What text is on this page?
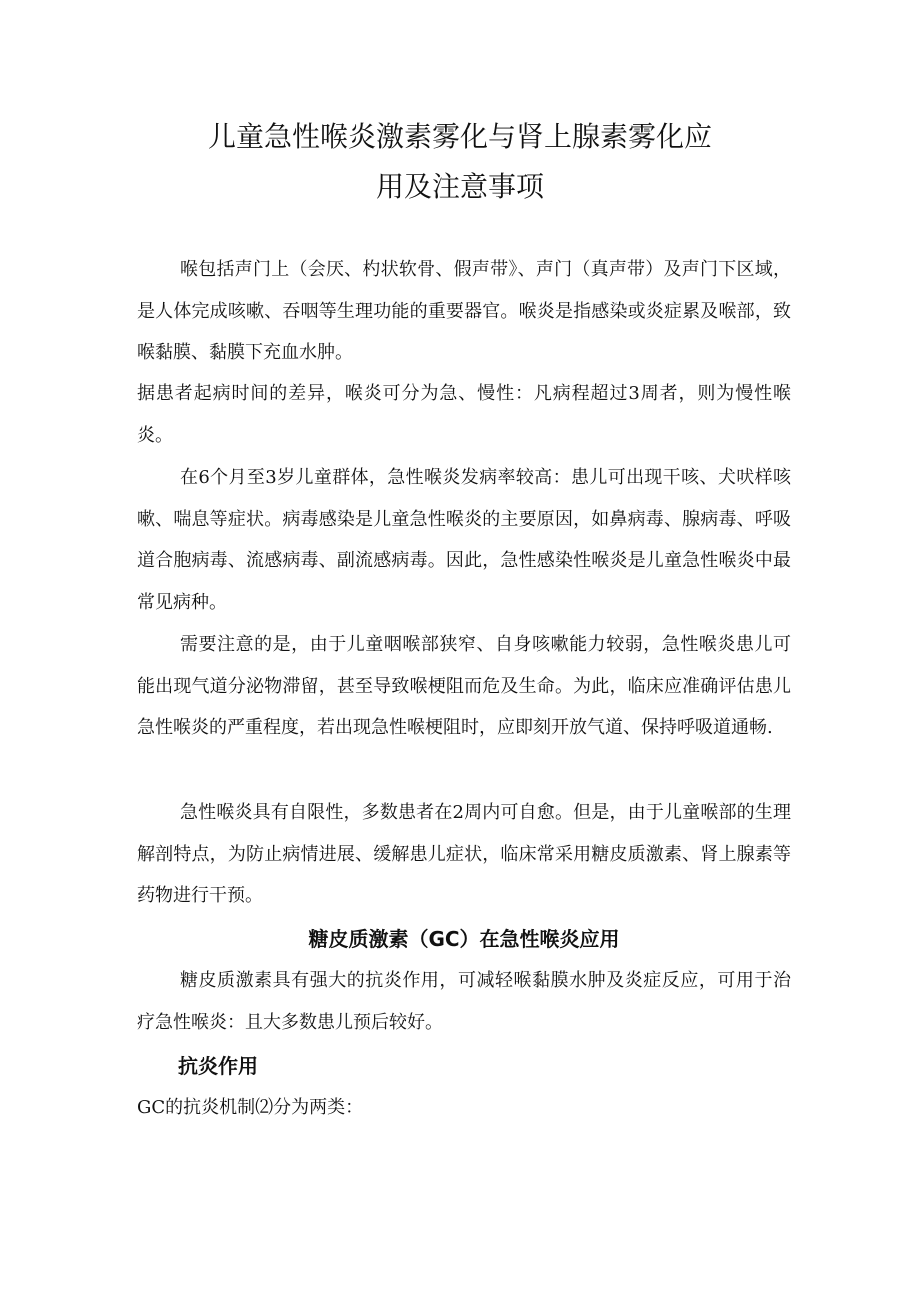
儿童急性喉炎激素雾化与肾上腺素雾化应
用及注意事项

喉包括声门上（会厌、杓状软骨、假声带》、声门（真声带）及声门下区域，是人体完成咳嗽、吞咽等生理功能的重要器官。喉炎是指感染或炎症累及喉部，致喉黏膜、黏膜下充血水肿。

据患者起病时间的差异，喉炎可分为急、慢性：凡病程超过3周者，则为慢性喉炎。

在6个月至3岁儿童群体，急性喉炎发病率较高：患儿可出现干咳、犬吠样咳嗽、喘息等症状。病毒感染是儿童急性喉炎的主要原因，如鼻病毒、腺病毒、呼吸道合胞病毒、流感病毒、副流感病毒。因此，急性感染性喉炎是儿童急性喉炎中最常见病种。

需要注意的是，由于儿童咽喉部狭窄、自身咳嗽能力较弱，急性喉炎患儿可能出现气道分泌物滞留，甚至导致喉梗阻而危及生命。为此，临床应准确评估患儿急性喉炎的严重程度，若出现急性喉梗阻时，应即刻开放气道、保持呼吸道通畅.

急性喉炎具有自限性，多数患者在2周内可自愈。但是，由于儿童喉部的生理解剖特点，为防止病情进展、缓解患儿症状，临床常采用糖皮质激素、肾上腺素等药物进行干预。

糖皮质激素（GC）在急性喉炎应用

糖皮质激素具有强大的抗炎作用，可减轻喉黏膜水肿及炎症反应，可用于治疗急性喉炎：且大多数患儿预后较好。

抗炎作用

GC的抗炎机制⑵分为两类：
